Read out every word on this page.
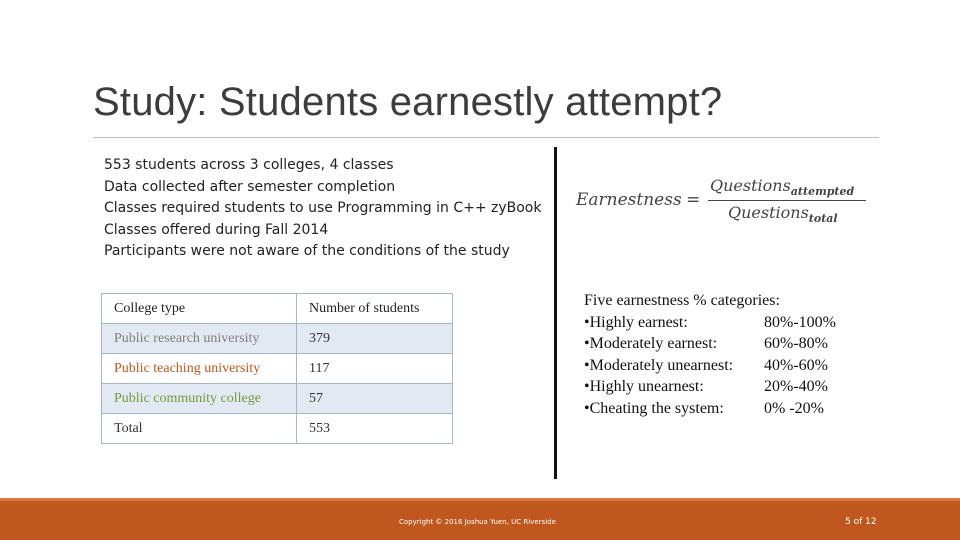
Study: Students earnestly attempt?
553 students across 3 colleges, 4 classes
Data collected after semester completion
Classes required students to use Programming in C++ zyBook
Classes offered during Fall 2014
Participants were not aware of the conditions of the study
Earnestness =
Questions$_{attempted}$
Questions$_{total}$
College type	Number of students
Public research university	379
Public teaching university	117
Public community college	57
Total	553
Five earnestness % categories:
•Highly earnest:	80%-100%
•Moderately earnest:	60%-80%
•Moderately unearnest: 40%-60%
•Highly unearnest:	20%-40%
•Cheating the system:	0% -20%
Copyright © 2016 Joshua Yuen, UC Riverside	5 of 12
